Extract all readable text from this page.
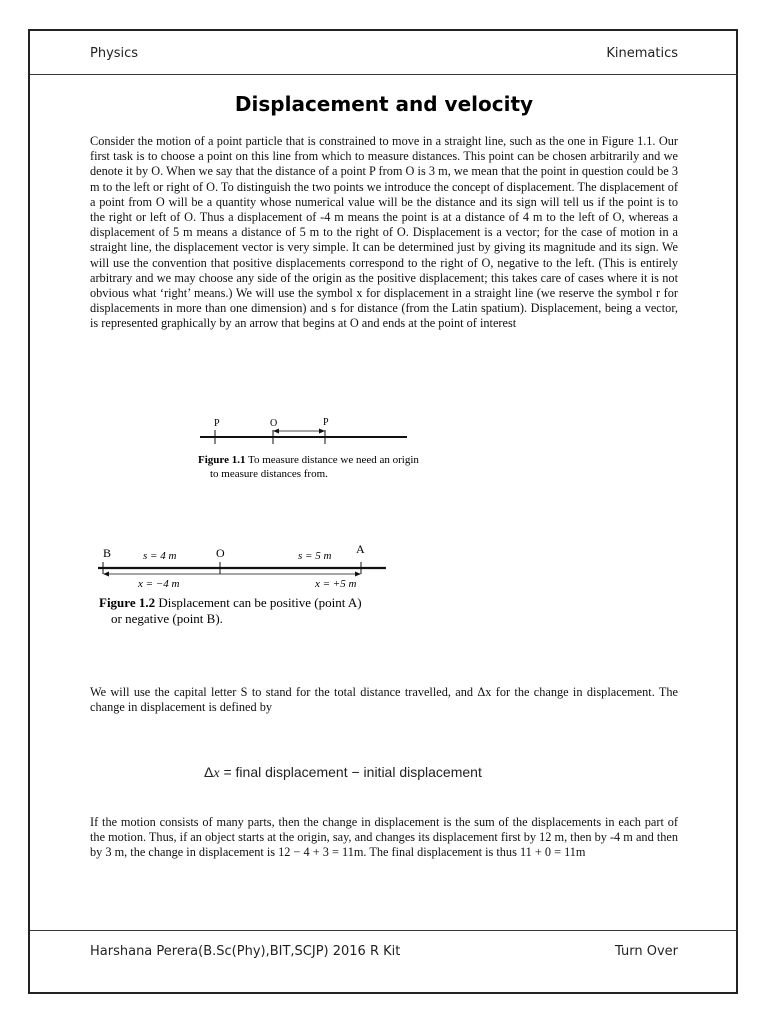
Physics	Kinematics
Displacement and velocity

Consider the motion of a point particle that is constrained to move in a straight line, such as the one in Figure 1.1. Our first task is to choose a point on this line from which to measure distances. This point can be chosen arbitrarily and we denote it by O. When we say that the distance of a point P from O is 3 m, we mean that the point in question could be 3 m to the left or right of O. To distinguish the two points we introduce the concept of displacement. The displacement of a point from O will be a quantity whose numerical value will be the distance and its sign will tell us if the point is to the right or left of O. Thus a displacement of -4 m means the point is at a distance of 4 m to the left of O, whereas a displacement of 5 m means a distance of 5 m to the right of O. Displacement is a vector; for the case of motion in a straight line, the displacement vector is very simple. It can be determined just by giving its magnitude and its sign. We will use the convention that positive displacements correspond to the right of O, negative to the left. (This is entirely arbitrary and we may choose any side of the origin as the positive displacement; this takes care of cases where it is not obvious what ‘right’ means.) We will use the symbol x for displacement in a straight line (we reserve the symbol r for displacements in more than one dimension) and s for distance (from the Latin spatium). Displacement, being a vector, is represented graphically by an arrow that begins at O and ends at the point of interest

P	O	P
Figure 1.1 To measure distance we need an origin
to measure distances from.
B	O	A
s = 4 m	s = 5 m
x = −4 m	x = +5 m
Figure 1.2 Displacement can be positive (point A)
or negative (point B).

We will use the capital letter S to stand for the total distance travelled, and Δx for the change in displacement. The change in displacement is defined by

Δx = final displacement − initial displacement

If the motion consists of many parts, then the change in displacement is the sum of the displacements in each part of the motion. Thus, if an object starts at the origin, say, and changes its displacement first by 12 m, then by -4 m and then by 3 m, the change in displacement is 12 − 4 + 3 = 11m. The final displacement is thus 11 + 0 = 11m

Harshana Perera(B.Sc(Phy),BIT,SCJP) 2016 R Kit	Turn Over
